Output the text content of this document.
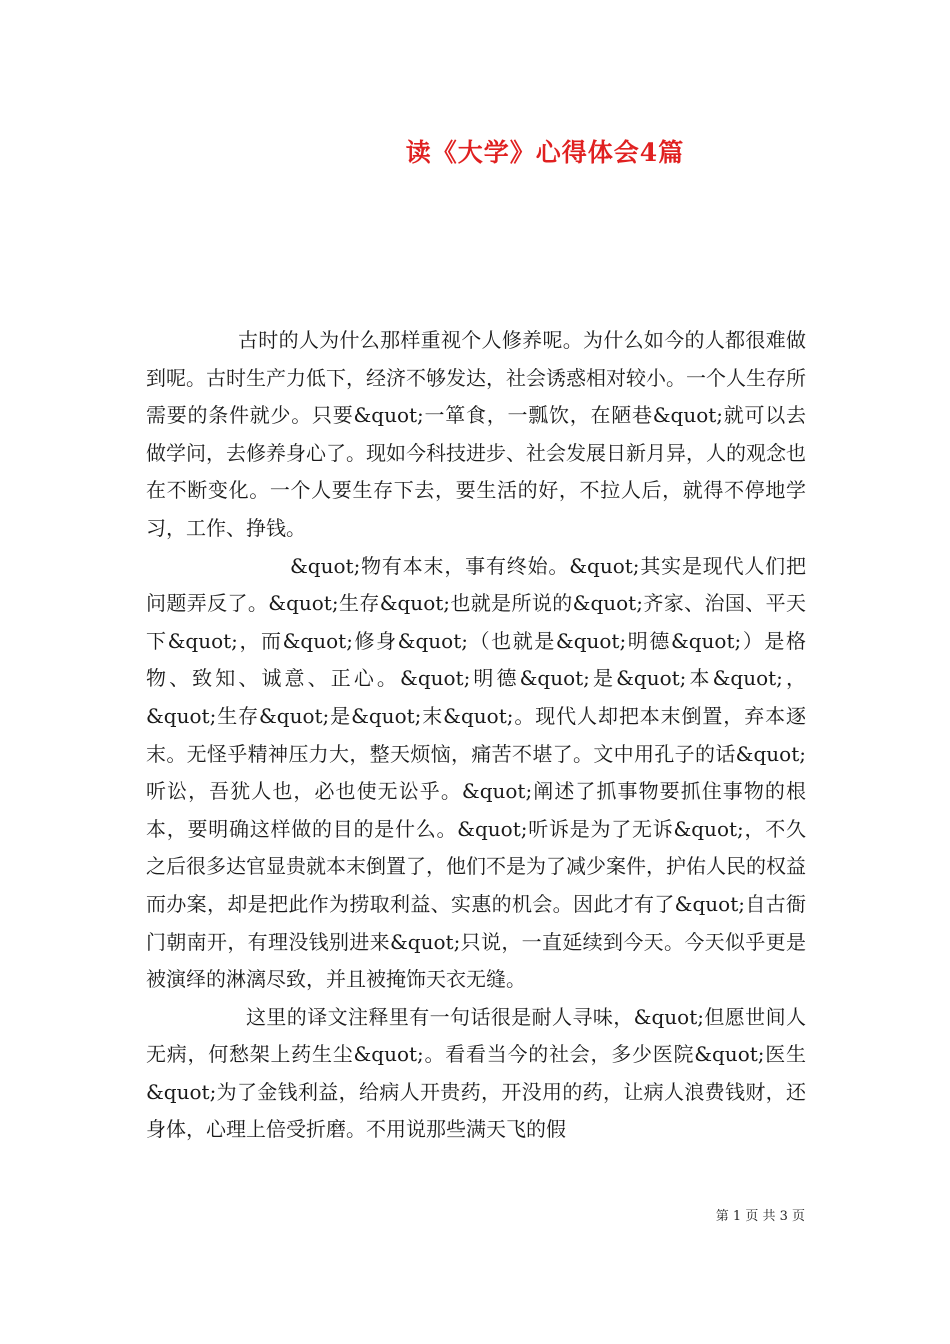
读《大学》心得体会4篇

古时的人为什么那样重视个人修养呢。为什么如今的人都很难做到呢。古时生产力低下，经济不够发达，社会诱惑相对较小。一个人生存所需要的条件就少。只要&quot;一箪食，一瓢饮，在陋巷&quot;就可以去做学问，去修养身心了。现如今科技进步、社会发展日新月异，人的观念也在不断变化。一个人要生存下去，要生活的好，不拉人后，就得不停地学习，工作、挣钱。

&quot;物有本末，事有终始。&quot;其实是现代人们把问题弄反了。&quot;生存&quot;也就是所说的&quot;齐家、治国、平天下&quot;，而&quot;修身&quot;（也就是&quot;明德&quot;）是格物、致知、诚意、正心。&quot;明德&quot;是&quot;本&quot;，&quot;生存&quot;是&quot;末&quot;。现代人却把本末倒置，弃本逐末。无怪乎精神压力大，整天烦恼，痛苦不堪了。文中用孔子的话&quot;听讼，吾犹人也，必也使无讼乎。&quot;阐述了抓事物要抓住事物的根本，要明确这样做的目的是什么。&quot;听诉是为了无诉&quot;，不久之后很多达官显贵就本末倒置了，他们不是为了减少案件，护佑人民的权益而办案，却是把此作为捞取利益、实惠的机会。因此才有了&quot;自古衙门朝南开，有理没钱别进来&quot;只说，一直延续到今天。今天似乎更是被演绎的淋漓尽致，并且被掩饰天衣无缝。

这里的译文注释里有一句话很是耐人寻味，&quot;但愿世间人无病，何愁架上药生尘&quot;。看看当今的社会，多少医院&quot;医生&quot;为了金钱利益，给病人开贵药，开没用的药，让病人浪费钱财，还身体，心理上倍受折磨。不用说那些满天飞的假

第 1 页 共 3 页
